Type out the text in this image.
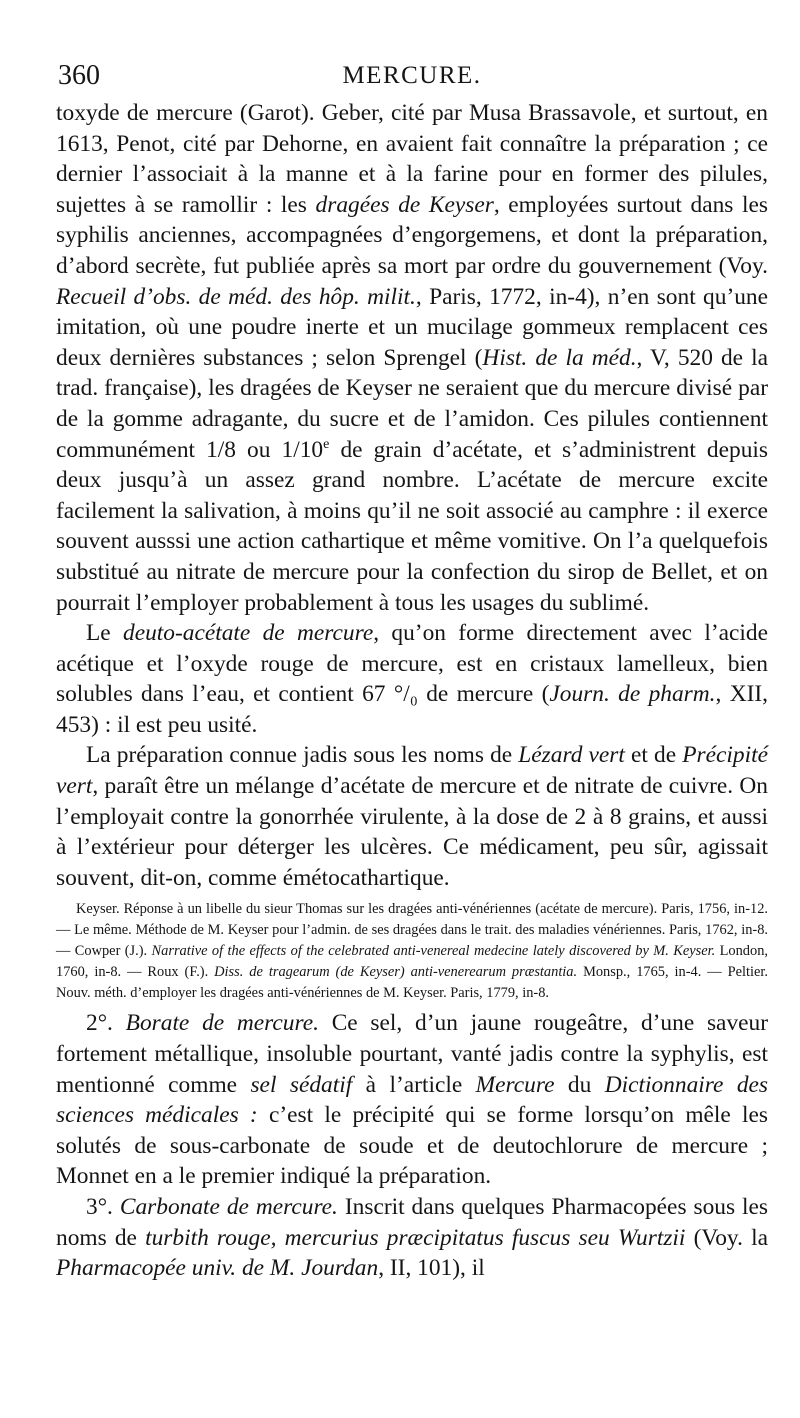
360	MERCURE.

toxyde de mercure (Garot). Geber, cité par Musa Brassavole, et surtout, en 1613, Penot, cité par Dehorne, en avaient fait connaître la préparation ; ce dernier l’associait à la manne et à la farine pour en former des pilules, sujettes à se ramollir : les dragées de Keyser, employées surtout dans les syphilis anciennes, accompagnées d’engorgemens, et dont la préparation, d’abord secrète, fut publiée après sa mort par ordre du gouvernement (Voy. Recueil d’obs. de méd. des hôp. milit., Paris, 1772, in-4), n’en sont qu’une imitation, où une poudre inerte et un mucilage gommeux remplacent ces deux dernières substances ; selon Sprengel (Hist. de la méd., V, 520 de la trad. française), les dragées de Keyser ne seraient que du mercure divisé par de la gomme adragante, du sucre et de l’amidon. Ces pilules contiennent communément 1/8 ou 1/10e de grain d’acétate, et s’administrent depuis deux jusqu’à un assez grand nombre. L’acétate de mercure excite facilement la salivation, à moins qu’il ne soit associé au camphre : il exerce souvent ausssi une action cathartique et même vomitive. On l’a quelquefois substitué au nitrate de mercure pour la confection du sirop de Bellet, et on pourrait l’employer probablement à tous les usages du sublimé.

Le deuto-acétate de mercure, qu’on forme directement avec l’acide acétique et l’oxyde rouge de mercure, est en cristaux lamelleux, bien solubles dans l’eau, et contient 67 °/₀ de mercure (Journ. de pharm., XII, 453) : il est peu usité.

La préparation connue jadis sous les noms de Lézard vert et de Précipité vert, paraît être un mélange d’acétate de mercure et de nitrate de cuivre. On l’employait contre la gonorrhée virulente, à la dose de 2 à 8 grains, et aussi à l’extérieur pour déterger les ulcères. Ce médicament, peu sûr, agissait souvent, dit-on, comme émétocathartique.

Keyser. Réponse à un libelle du sieur Thomas sur les dragées anti-vénériennes (acétate de mercure). Paris, 1756, in-12. — Le même. Méthode de M. Keyser pour l’admin. de ses dragées dans le trait. des maladies vénériennes. Paris, 1762, in-8. — Cowper (J.). Narrative of the effects of the celebrated anti-venereal medecine lately discovered by M. Keyser. London, 1760, in-8. — Roux (F.). Diss. de tragearum (de Keyser) anti-venerearum præstantia. Monsp., 1765, in-4. — Peltier. Nouv. méth. d’employer les dragées anti-vénériennes de M. Keyser. Paris, 1779, in-8.

2°. Borate de mercure. Ce sel, d’un jaune rougeâtre, d’une saveur fortement métallique, insoluble pourtant, vanté jadis contre la syphylis, est mentionné comme sel sédatif à l’article Mercure du Dictionnaire des sciences médicales : c’est le précipité qui se forme lorsqu’on mêle les solutés de sous-carbonate de soude et de deutochlorure de mercure ; Monnet en a le premier indiqué la préparation.

3°. Carbonate de mercure. Inscrit dans quelques Pharmacopées sous les noms de turbith rouge, mercurius præcipitatus fuscus seu Wurtzii (Voy. la Pharmacopée univ. de M. Jourdan, II, 101), il
